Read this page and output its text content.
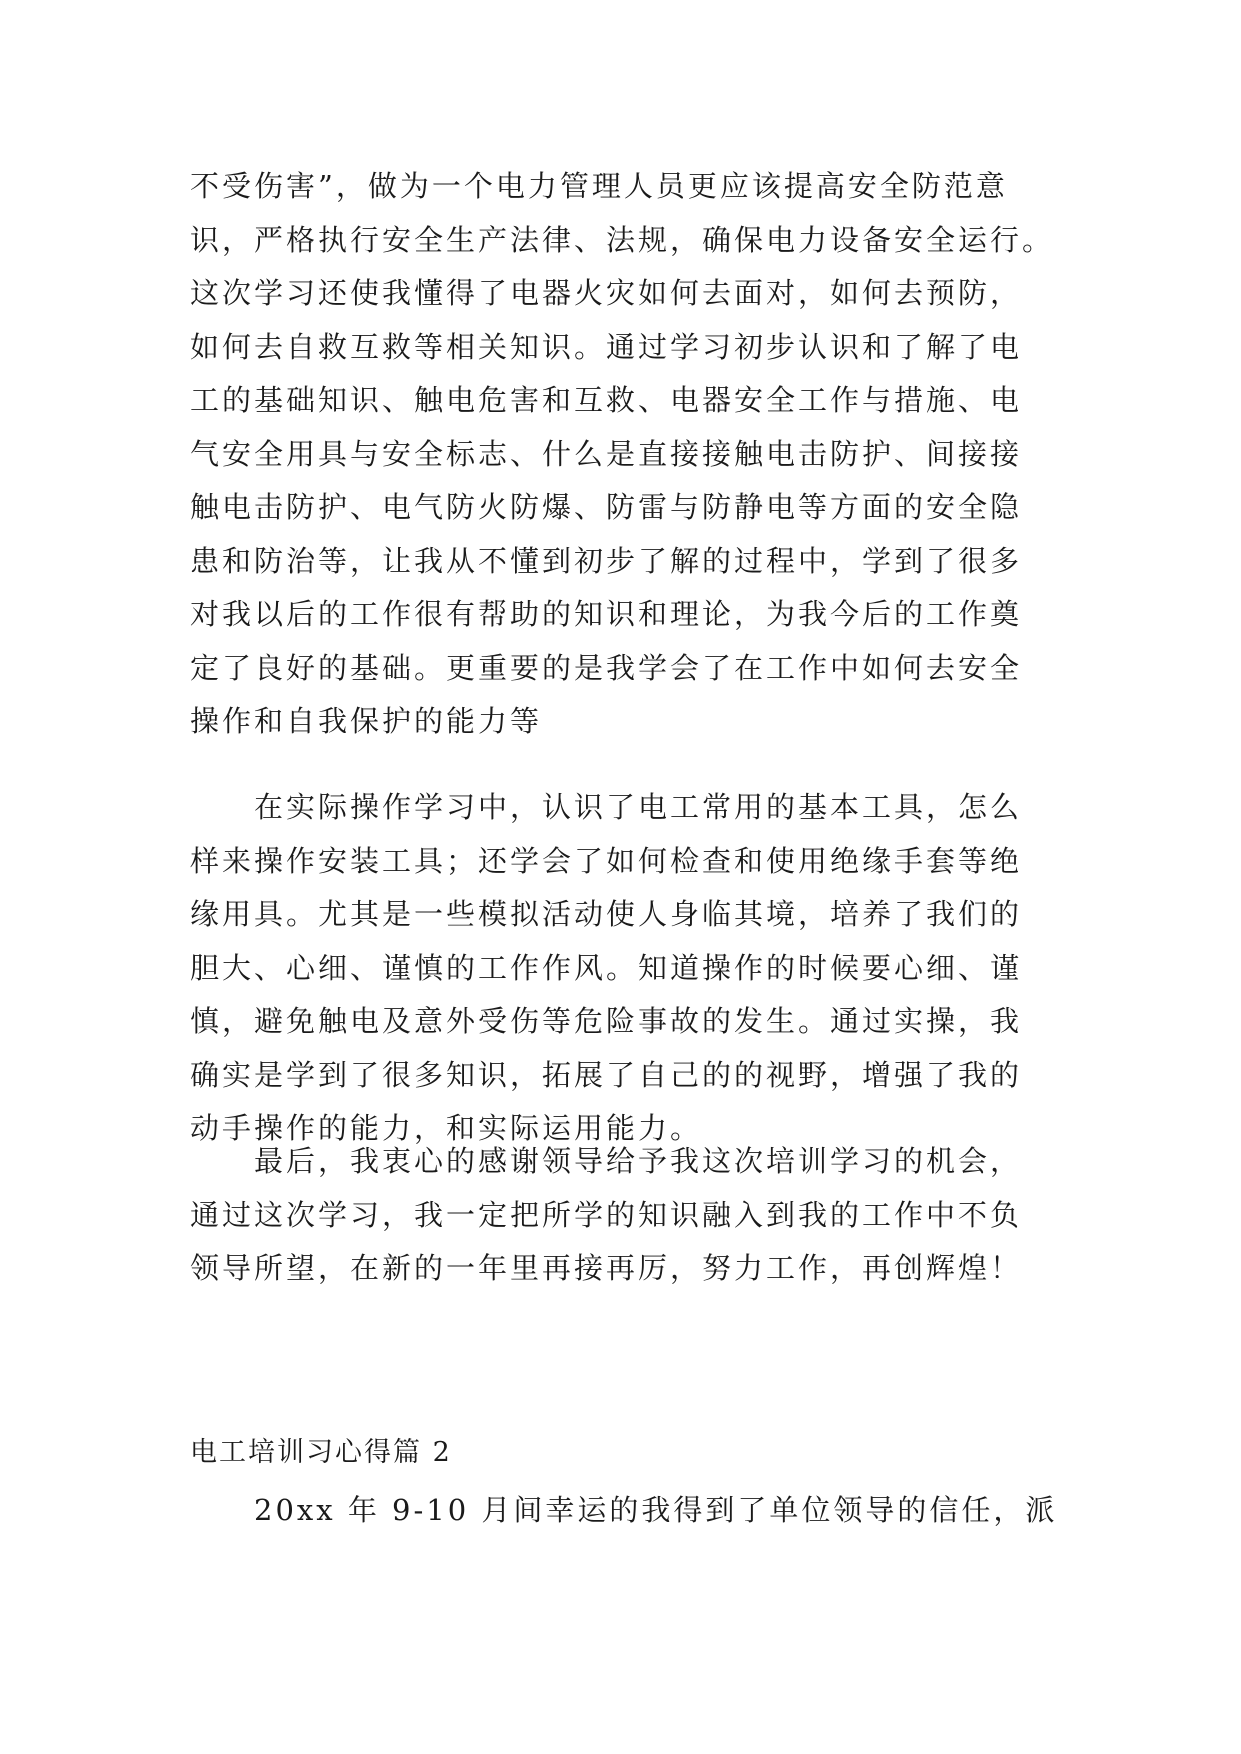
不受伤害”，做为一个电力管理人员更应该提高安全防范意
识，严格执行安全生产法律、法规，确保电力设备安全运行。
这次学习还使我懂得了电器火灾如何去面对，如何去预防，
如何去自救互救等相关知识。通过学习初步认识和了解了电
工的基础知识、触电危害和互救、电器安全工作与措施、电
气安全用具与安全标志、什么是直接接触电击防护、间接接
触电击防护、电气防火防爆、防雷与防静电等方面的安全隐
患和防治等，让我从不懂到初步了解的过程中，学到了很多
对我以后的工作很有帮助的知识和理论，为我今后的工作奠
定了良好的基础。更重要的是我学会了在工作中如何去安全
操作和自我保护的能力等
　　在实际操作学习中，认识了电工常用的基本工具，怎么
样来操作安装工具；还学会了如何检查和使用绝缘手套等绝
缘用具。尤其是一些模拟活动使人身临其境，培养了我们的
胆大、心细、谨慎的工作作风。知道操作的时候要心细、谨
慎，避免触电及意外受伤等危险事故的发生。通过实操，我
确实是学到了很多知识，拓展了自己的的视野，增强了我的
动手操作的能力，和实际运用能力。
　　最后，我衷心的感谢领导给予我这次培训学习的机会，
通过这次学习，我一定把所学的知识融入到我的工作中不负
领导所望，在新的一年里再接再厉，努力工作，再创辉煌！
电工培训习心得篇 2
　　20xx 年 9-10 月间幸运的我得到了单位领导的信任，派
